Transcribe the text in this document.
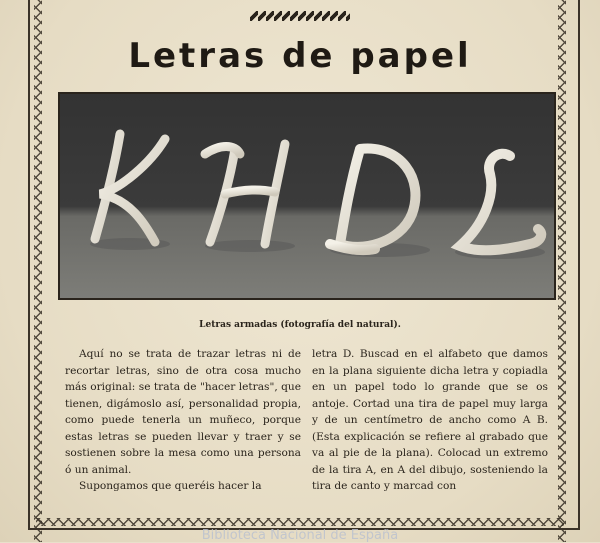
Letras de papel
Letras armadas (fotografía del natural).

Aquí no se trata de trazar letras ni de recortar letras, sino de otra cosa mucho más original: se trata de "hacer letras", que tienen, digámoslo así, personalidad propia, como puede tenerla un muñeco, porque estas letras se pueden llevar y traer y se sostienen sobre la mesa como una persona ó un animal.

Supongamos que queréis hacer la

letra D. Buscad en el alfabeto que damos en la plana siguiente dicha letra y copiadla en un papel todo lo grande que se os antoje. Cortad una tira de papel muy larga y de un centímetro de ancho como A B. (Esta explicación se refiere al grabado que va al pie de la plana). Colocad un extremo de la tira A, en A del dibujo, sosteniendo la tira de canto y marcad con

Biblioteca Nacional de España
